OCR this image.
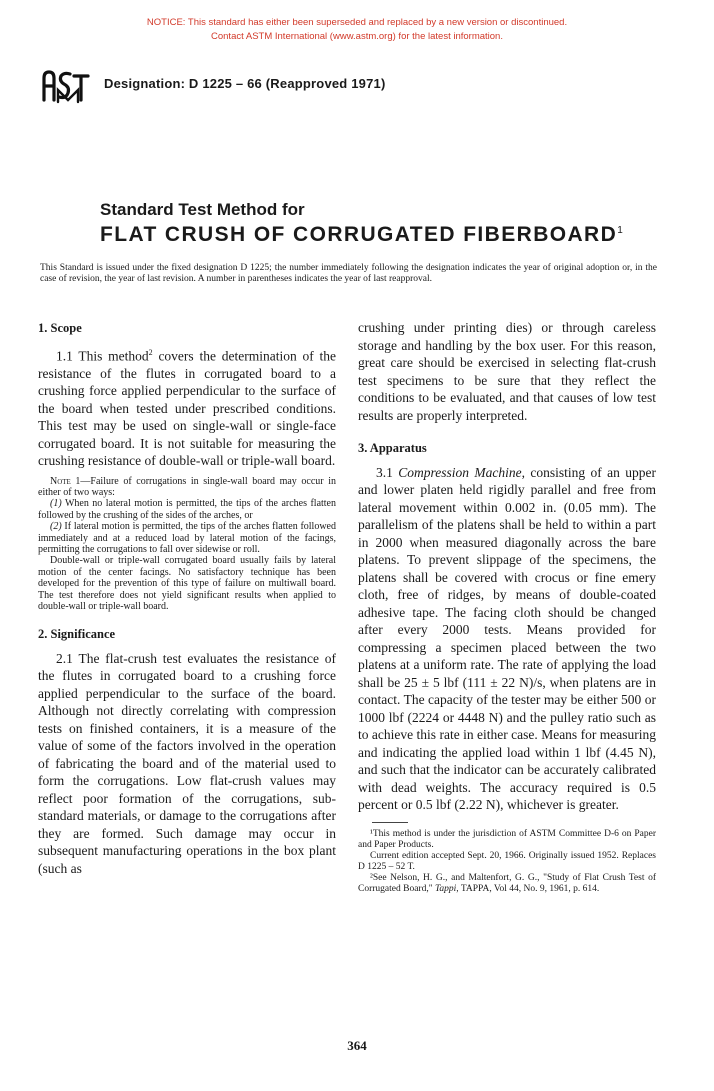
NOTICE: This standard has either been superseded and replaced by a new version or discontinued.
Contact ASTM International (www.astm.org) for the latest information.
ASTM
Designation: D 1225 – 66 (Reapproved 1971)
Standard Test Method for
FLAT CRUSH OF CORRUGATED FIBERBOARD$^1$
This Standard is issued under the fixed designation D 1225; the number immediately following the designation indicates the year of original adoption or, in the case of revision, the year of last revision. A number in parentheses indicates the year of last reapproval.
1. Scope

1.1 This method$^2$ covers the determination of the resistance of the flutes in corrugated board to a crushing force applied perpendicular to the surface of the board when tested under prescribed conditions. This test may be used on single-wall or single-face corrugated board. It is not suitable for measuring the crushing resistance of double-wall or triple-wall board.

Note 1—Failure of corrugations in single-wall board may occur in either of two ways:

(1) When no lateral motion is permitted, the tips of the arches flatten followed by the crushing of the sides of the arches, or

(2) If lateral motion is permitted, the tips of the arches flatten followed immediately and at a reduced load by lateral motion of the facings, permitting the corrugations to fall over sidewise or roll.

Double-wall or triple-wall corrugated board usually fails by lateral motion of the center facings. No satisfactory technique has been developed for the prevention of this type of failure on multiwall board. The test therefore does not yield significant results when applied to double-wall or triple-wall board.

2. Significance

2.1 The flat-crush test evaluates the resistance of the flutes in corrugated board to a crushing force applied perpendicular to the surface of the board. Although not directly correlating with compression tests on finished containers, it is a measure of the value of some of the factors involved in the operation of fabricating the board and of the material used to form the corrugations. Low flat-crush values may reflect poor formation of the corrugations, sub-standard materials, or damage to the corrugations after they are formed. Such damage may occur in subsequent manufacturing operations in the box plant (such as

crushing under printing dies) or through careless storage and handling by the box user. For this reason, great care should be exercised in selecting flat-crush test specimens to be sure that they reflect the conditions to be evaluated, and that causes of low test results are properly interpreted.

3. Apparatus

3.1 Compression Machine, consisting of an upper and lower platen held rigidly parallel and free from lateral movement within 0.002 in. (0.05 mm). The parallelism of the platens shall be held to within a part in 2000 when measured diagonally across the bare platens. To prevent slippage of the specimens, the platens shall be covered with crocus or fine emery cloth, free of ridges, by means of double-coated adhesive tape. The facing cloth should be changed after every 2000 tests. Means provided for compressing a specimen placed between the two platens at a uniform rate. The rate of applying the load shall be 25 ± 5 lbf (111 ± 22 N)/s, when platens are in contact. The capacity of the tester may be either 500 or 1000 lbf (2224 or 4448 N) and the pulley ratio such as to achieve this rate in either case. Means for measuring and indicating the applied load within 1 lbf (4.45 N), and such that the indicator can be accurately calibrated with dead weights. The accuracy required is 0.5 percent or 0.5 lbf (2.22 N), whichever is greater.

¹This method is under the jurisdiction of ASTM Committee D-6 on Paper and Paper Products.

Current edition accepted Sept. 20, 1966. Originally issued 1952. Replaces D 1225 – 52 T.

²See Nelson, H. G., and Maltenfort, G. G., "Study of Flat Crush Test of Corrugated Board," Tappi, TAPPA, Vol 44, No. 9, 1961, p. 614.

364
